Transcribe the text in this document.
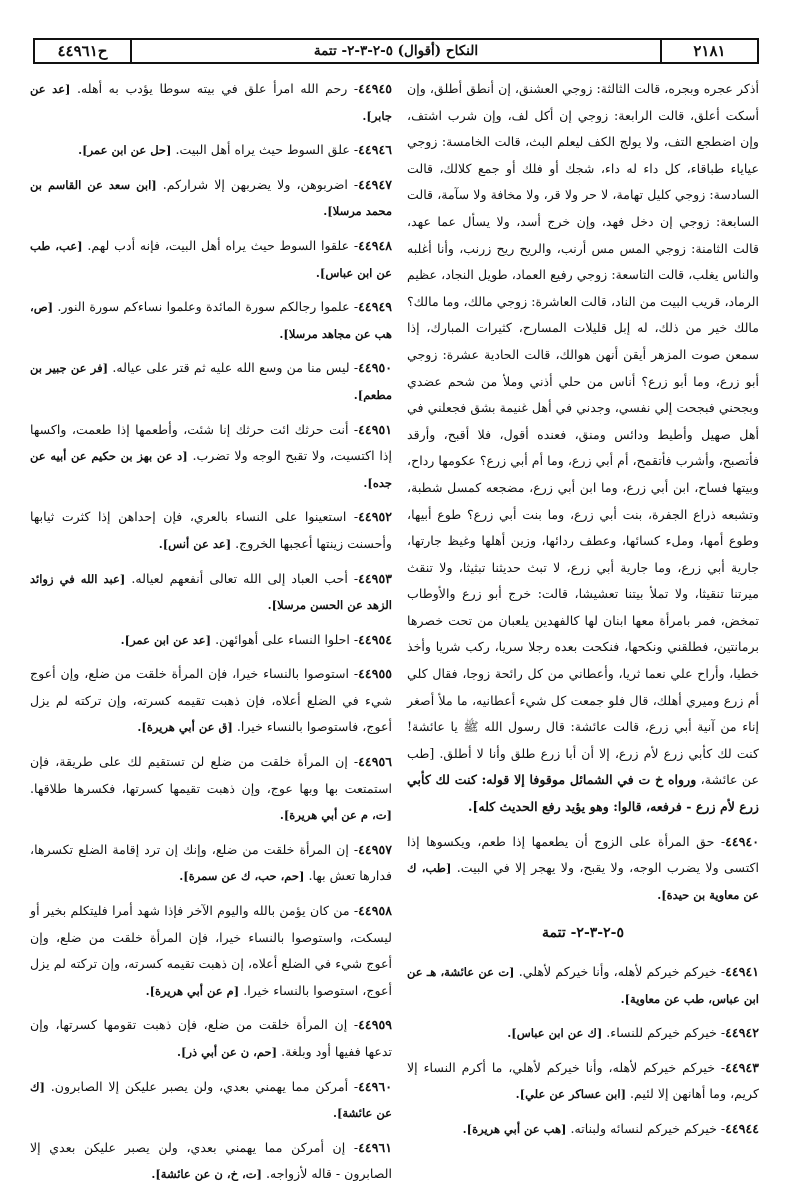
ح٤٤٩٦١	النكاح (أقوال) ٥-٢-٣-٢- تتمة	٢١٨١

أذكر عجره وبجره، قالت الثالثة: زوجي العشنق، إن أنطق أطلق، وإن أسكت أعلق، قالت الرابعة: زوجي إن أكل لف، وإن شرب اشتف، وإن اضطجع التف، ولا يولج الكف ليعلم البث، قالت الخامسة: زوجي عياياء طباقاء، كل داء له داء، شجك أو فلك أو جمع كلالك، قالت السادسة: زوجي كليل تهامة، لا حر ولا قر، ولا مخافة ولا سآمة، قالت السابعة: زوجي إن دخل فهد، وإن خرج أسد، ولا يسأل عما عهد، قالت الثامنة: زوجي المس مس أرنب، والريح ريح زرنب، وأنا أغلبه والناس يغلب، قالت التاسعة: زوجي رفيع العماد، طويل النجاد، عظيم الرماد، قريب البيت من الناد، قالت العاشرة: زوجي مالك، وما مالك؟ مالك خير من ذلك، له إبل قليلات المسارح، كثيرات المبارك، إذا سمعن صوت المزهر أيقن أنهن هوالك، قالت الحادية عشرة: زوجي أبو زرع، وما أبو زرع؟ أناس من حلي أذني وملأ من شحم عضدي وبجحني فبجحت إلي نفسي، وجدني في أهل غنيمة بشق فجعلني في أهل صهيل وأطيط ودائس ومنق، فعنده أقول، فلا أقبح، وأرقد فأتصبح، وأشرب فأتقمح، أم أبي زرع، وما أم أبي زرع؟ عكومها رداح، وبيتها فساح، ابن أبي زرع، وما ابن أبي زرع، مضجعه كمسل شطبة، وتشبعه ذراع الجفرة، بنت أبي زرع، وما بنت أبي زرع؟ طوع أبيها، وطوع أمها، وملء كسائها، وعطف ردائها، وزين أهلها وغيظ جارتها، جارية أبي زرع، وما جارية أبي زرع، لا تبث حديثنا تبثيثا، ولا تنقث ميرتنا تنقيثا، ولا تملأ بيتنا تعشيشا، قالت: خرج أبو زرع والأوطاب تمخض، فمر بامرأة معها ابنان لها كالفهدين يلعبان من تحت خصرها برمانتين، فطلقني ونكحها، فنكحت بعده رجلا سريا، ركب شريا وأخذ خطيا، وأراح علي نعما ثريا، وأعطاني من كل رائحة زوجا، فقال كلي أم زرع وميري أهلك، قال فلو جمعت كل شيء أعطانيه، ما ملأ أصغر إناء من آنية أبي زرع، قالت عائشة: قال رسول الله ﷺ يا عائشة! كنت لك كأبي زرع لأم زرع، إلا أن أبا زرع طلق وأنا لا أطلق. [طب عن عائشة، ورواه خ ت في الشمائل موقوفا إلا قوله: كنت لك كأبي زرع لأم زرع - فرفعه، قالوا: وهو يؤيد رفع الحديث كله].

٤٤٩٤٠- حق المرأة على الزوج أن يطعمها إذا طعم، ويكسوها إذا اكتسى ولا يضرب الوجه، ولا يقبح، ولا يهجر إلا في البيت. [طب، ك عن معاوية بن حيدة].
٥-٢-٣-٢- تتمة
٤٤٩٤١- خيركم خيركم لأهله، وأنا خيركم لأهلي. [ت عن عائشة، هـ عن ابن عباس، طب عن معاوية].
٤٤٩٤٢- خيركم خيركم للنساء. [ك عن ابن عباس].
٤٤٩٤٣- خيركم خيركم لأهله، وأنا خيركم لأهلي، ما أكرم النساء إلا كريم، وما أهانهن إلا لئيم. [ابن عساكر عن علي].
٤٤٩٤٤- خيركم خيركم لنسائه ولبناته. [هب عن أبي هريرة].
٤٤٩٤٥- رحم الله امرأ علق في بيته سوطا يؤدب به أهله. [عد عن جابر].
٤٤٩٤٦- علق السوط حيث يراه أهل البيت. [حل عن ابن عمر].
٤٤٩٤٧- اضربوهن، ولا يضربهن إلا شراركم. [ابن سعد عن القاسم بن محمد مرسلا].
٤٤٩٤٨- علقوا السوط حيث يراه أهل البيت، فإنه أدب لهم. [عب، طب عن ابن عباس].
٤٤٩٤٩- علموا رجالكم سورة المائدة وعلموا نساءكم سورة النور. [ص، هب عن مجاهد مرسلا].
٤٤٩٥٠- ليس منا من وسع الله عليه ثم قتر على عياله. [فر عن جبير بن مطعم].
٤٤٩٥١- أنت حرثك ائت حرثك إنا شئت، وأطعمها إذا طعمت، واكسها إذا اكتسيت، ولا تقبح الوجه ولا تضرب. [د عن بهز بن حكيم عن أبيه عن جده].
٤٤٩٥٢- استعينوا على النساء بالعري، فإن إحداهن إذا كثرت ثيابها وأحسنت زينتها أعجبها الخروج. [عد عن أنس].
٤٤٩٥٣- أحب العباد إلى الله تعالى أنفعهم لعياله. [عبد الله في زوائد الزهد عن الحسن مرسلا].
٤٤٩٥٤- احلوا النساء على أهوائهن. [عد عن ابن عمر].
٤٤٩٥٥- استوصوا بالنساء خيرا، فإن المرأة خلقت من ضلع، وإن أعوج شيء في الضلع أعلاه، فإن ذهبت تقيمه كسرته، وإن تركته لم يزل أعوج، فاستوصوا بالنساء خيرا. [ق عن أبي هريرة].
٤٤٩٥٦- إن المرأة خلقت من ضلع لن تستقيم لك على طريقة، فإن استمتعت بها وبها عوج، وإن ذهبت تقيمها كسرتها، فكسرها طلاقها. [ت، م عن أبي هريرة].
٤٤٩٥٧- إن المرأة خلقت من ضلع، وإنك إن ترد إقامة الضلع تكسرها، فدارها تعش بها. [حم، حب، ك عن سمرة].
٤٤٩٥٨- من كان يؤمن بالله واليوم الآخر فإذا شهد أمرا فليتكلم بخير أو ليسكت، واستوصوا بالنساء خيرا، فإن المرأة خلقت من ضلع، وإن أعوج شيء في الضلع أعلاه، إن ذهبت تقيمه كسرته، وإن تركته لم يزل أعوج، استوصوا بالنساء خيرا. [م عن أبي هريرة].
٤٤٩٥٩- إن المرأة خلقت من ضلع، فإن ذهبت تقومها كسرتها، وإن تدعها ففيها أود وبلغة. [حم، ن عن أبي ذر].
٤٤٩٦٠- أمركن مما يهمني بعدي، ولن يصبر عليكن إلا الصابرون. [ك عن عائشة].
٤٤٩٦١- إن أمركن مما يهمني بعدي، ولن يصبر عليكن بعدي إلا الصابرون - قاله لأزواجه. [ت، خ، ن عن عائشة].
